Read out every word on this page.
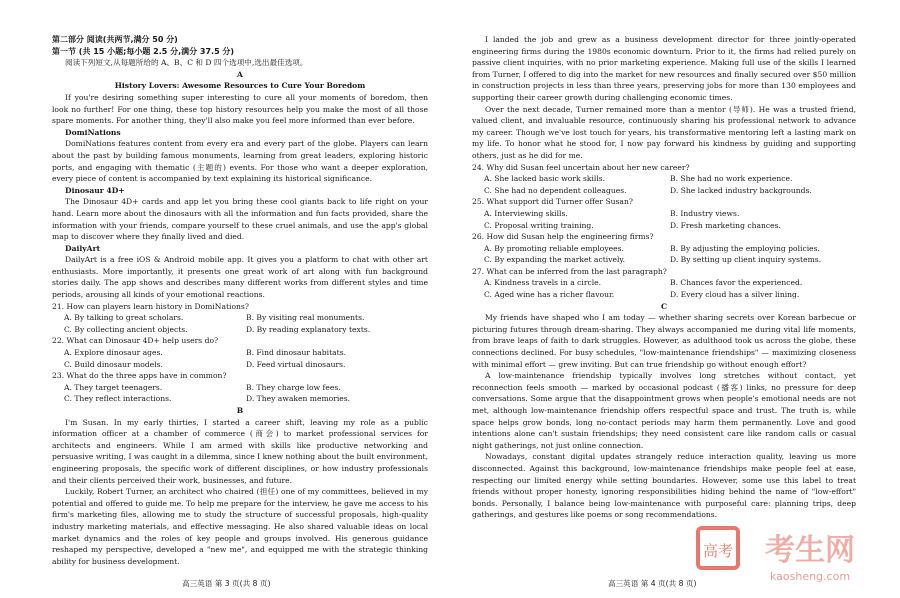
第二部分 阅读(共两节,满分 50 分)

第一节 (共 15 小题;每小题 2.5 分,满分 37.5 分)

阅读下列短文,从每题所给的 A、B、C 和 D 四个选项中,选出最佳选项。

A

History Lovers: Awesome Resources to Cure Your Boredom

If you're desiring something super interesting to cure all your moments of boredom, then look no further! For one thing, these top history resources help you make the most of all those spare moments. For another thing, they'll also make you feel more informed than ever before.

DomiNations

DomiNations features content from every era and every part of the globe. Players can learn about the past by building famous monuments, learning from great leaders, exploring historic ports, and engaging with thematic (主题的) events. For those who want a deeper exploration, every piece of content is accompanied by text explaining its historical significance.

Dinosaur 4D+

The Dinosaur 4D+ cards and app let you bring these cool giants back to life right on your hand. Learn more about the dinosaurs with all the information and fun facts provided, share the information with your friends, compare yourself to these cruel animals, and use the app's global map to discover where they finally lived and died.

DailyArt

DailyArt is a free iOS & Android mobile app. It gives you a platform to chat with other art enthusiasts. More importantly, it presents one great work of art along with fun background stories daily. The app shows and describes many different works from different styles and time periods, arousing all kinds of your emotional reactions.

21. How can players learn history in DomiNations?

A. By talking to great scholars.	B. By visiting real monuments.
C. By collecting ancient objects.	D. By reading explanatory texts.

22. What can Dinosaur 4D+ help users do?

A. Explore dinosaur ages.	B. Find dinosaur habitats.
C. Build dinosaur models.	D. Feed virtual dinosaurs.

23. What do the three apps have in common?

A. They target teenagers.	B. They charge low fees.
C. They reflect interactions.	D. They awaken memories.

B

I'm Susan. In my early thirties, I started a career shift, leaving my role as a public information officer at a chamber of commerce (商会) to market professional services for architects and engineers. While I am armed with skills like productive networking and persuasive writing, I was caught in a dilemma, since I knew nothing about the built environment, engineering proposals, the specific work of different disciplines, or how industry professionals and their clients perceived their work, businesses, and future.

Luckily, Robert Turner, an architect who chaired (担任) one of my committees, believed in my potential and offered to guide me. To help me prepare for the interview, he gave me access to his firm's marketing files, allowing me to study the structure of successful proposals, high-quality industry marketing materials, and effective messaging. He also shared valuable ideas on local market dynamics and the roles of key people and groups involved. His generous guidance reshaped my perspective, developed a "new me", and equipped me with the strategic thinking ability for business development.

I landed the job and grew as a business development director for three jointly-operated engineering firms during the 1980s economic downturn. Prior to it, the firms had relied purely on passive client inquiries, with no prior marketing experience. Making full use of the skills I learned from Turner, I offered to dig into the market for new resources and finally secured over $50 million in construction projects in less than three years, preserving jobs for more than 130 employees and supporting their career growth during challenging economic times.

Over the next decade, Turner remained more than a mentor (导师). He was a trusted friend, valued client, and invaluable resource, continuously sharing his professional network to advance my career. Though we've lost touch for years, his transformative mentoring left a lasting mark on my life. To honor what he stood for, I now pay forward his kindness by guiding and supporting others, just as he did for me.

24. Why did Susan feel uncertain about her new career?

A. She lacked basic work skills.	B. She had no work experience.
C. She had no dependent colleagues.	D. She lacked industry backgrounds.

25. What support did Turner offer Susan?

A. Interviewing skills.	B. Industry views.
C. Proposal writing training.	D. Fresh marketing chances.

26. How did Susan help the engineering firms?

A. By promoting reliable employees.	B. By adjusting the employing policies.
C. By expanding the market actively.	D. By setting up client inquiry systems.

27. What can be inferred from the last paragraph?

A. Kindness travels in a circle.	B. Chances favor the experienced.
C. Aged wine has a richer flavour.	D. Every cloud has a silver lining.

C

My friends have shaped who I am today — whether sharing secrets over Korean barbecue or picturing futures through dream-sharing. They always accompanied me during vital life moments, from brave leaps of faith to dark struggles. However, as adulthood took us across the globe, these connections declined. For busy schedules, "low-maintenance friendships" — maximizing closeness with minimal effort — grew inviting. But can true friendship go without enough effort?

A low-maintenance friendship typically involves long stretches without contact, yet reconnection feels smooth — marked by occasional podcast (播客) links, no pressure for deep conversations. Some argue that the disappointment grows when people's emotional needs are not met, although low-maintenance friendship offers respectful space and trust. The truth is, while space helps grow bonds, long no-contact periods may harm them permanently. Love and good intentions alone can't sustain friendships; they need consistent care like random calls or casual night gatherings, not just online connection.

Nowadays, constant digital updates strangely reduce interaction quality, leaving us more disconnected. Against this background, low-maintenance friendships make people feel at ease, respecting our limited energy while setting boundaries. However, some use this label to treat friends without proper honesty, ignoring responsibilities hiding behind the name of "low-effort" bonds. Personally, I balance being low-maintenance with purposeful care: planning trips, deep gatherings, and gestures like poems or song recommendations.

高三英语 第 3 页(共 8 页)	高三英语 第 4 页(共 8 页)
高考 考生网
kaosheng.com
